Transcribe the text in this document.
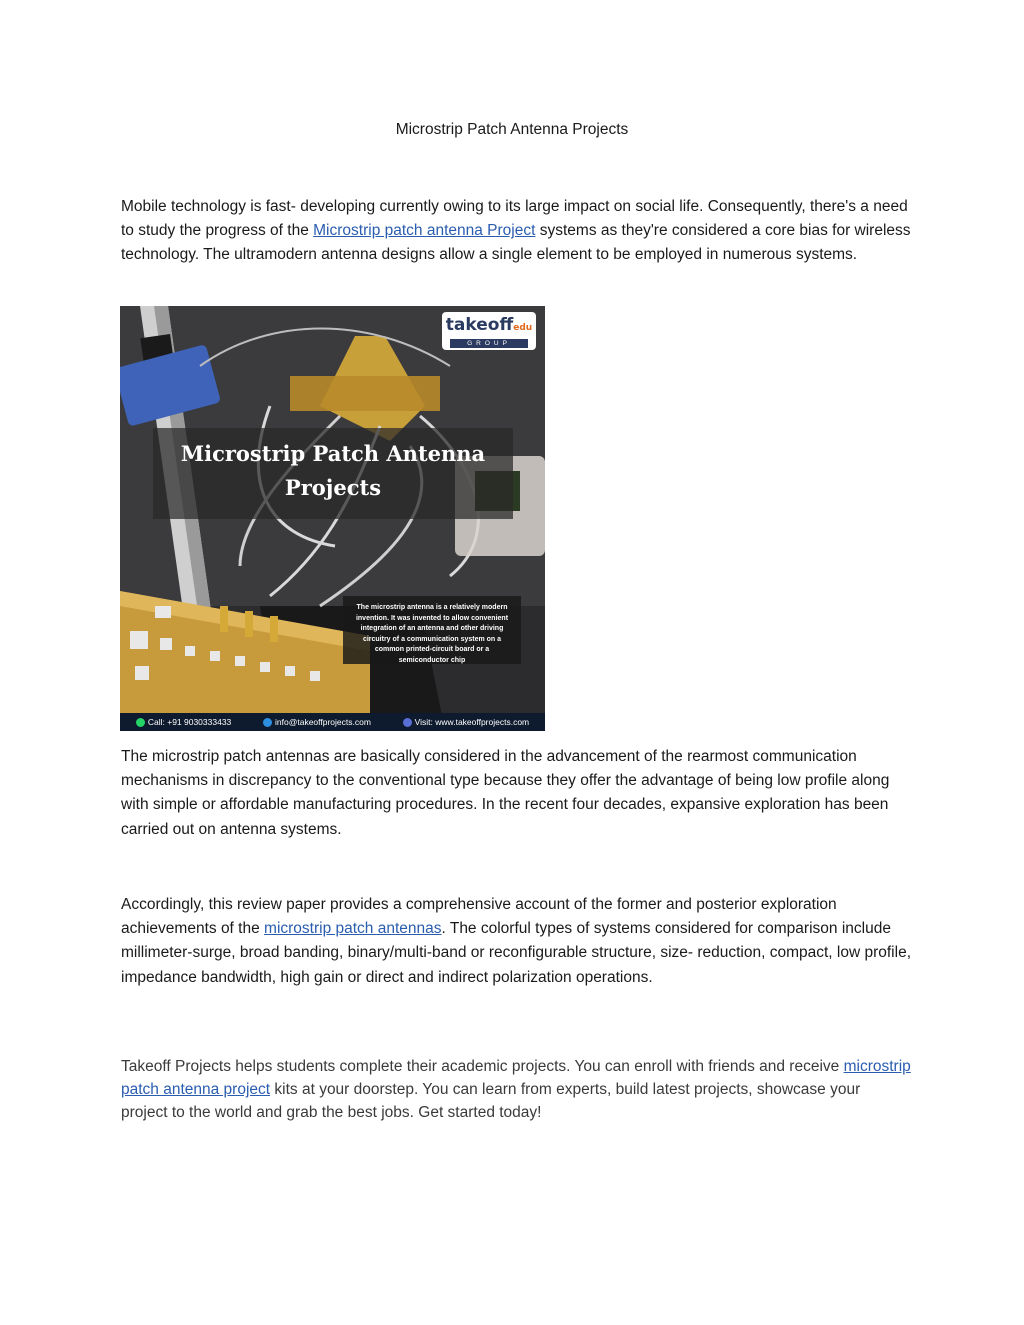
Microstrip Patch Antenna Projects

Mobile technology is fast- developing currently owing to its large impact on social life. Consequently, there's a need to study the progress of the Microstrip patch antenna Project systems as they're considered a core bias for wireless technology. The ultramodern antenna designs allow a single element to be employed in numerous systems.

takeoffedu
GROUP
Microstrip Patch Antenna
Projects
The microstrip antenna is a relatively modern invention. It was invented to allow convenient integration of an antenna and other driving circuitry of a communication system on a common printed-circuit board or a semiconductor chip
Call: +91 9030333433	info@takeoffprojects.com	Visit: www.takeoffprojects.com

The microstrip patch antennas are basically considered in the advancement of the rearmost communication mechanisms in discrepancy to the conventional type because they offer the advantage of being low profile along with simple or affordable manufacturing procedures. In the recent four decades, expansive exploration has been carried out on antenna systems.

Accordingly, this review paper provides a comprehensive account of the former and posterior exploration achievements of the microstrip patch antennas. The colorful types of systems considered for comparison include millimeter-surge, broad banding, binary/multi-band or reconfigurable structure, size- reduction, compact, low profile, impedance bandwidth, high gain or direct and indirect polarization operations.

Takeoff Projects helps students complete their academic projects. You can enroll with friends and receive microstrip patch antenna project kits at your doorstep. You can learn from experts, build latest projects, showcase your project to the world and grab the best jobs. Get started today!
